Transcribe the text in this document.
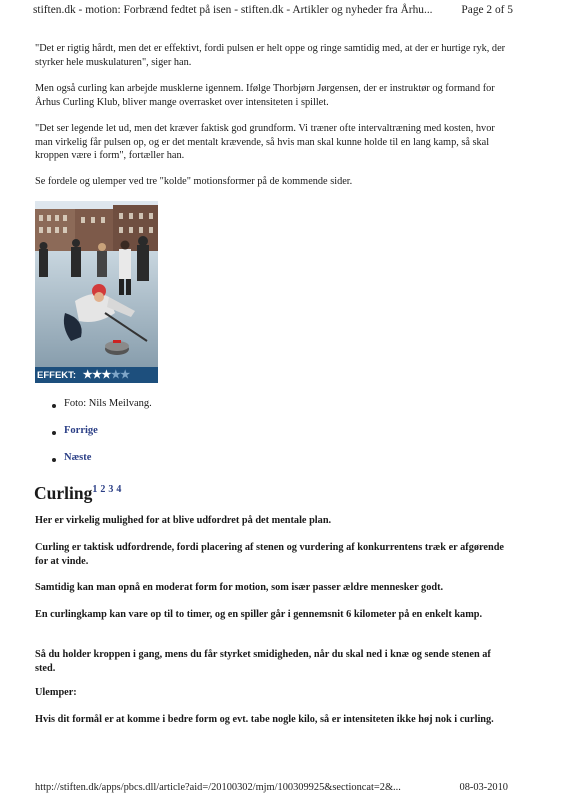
stiften.dk - motion: Forbrænd fedtet på isen - stiften.dk - Artikler og nyheder fra Århu...	Page 2 of 5

"Det er rigtig hårdt, men det er effektivt, fordi pulsen er helt oppe og ringe samtidig med, at der er hurtige ryk, der styrker hele muskulaturen", siger han.

Men også curling kan arbejde musklerne igennem. Ifølge Thorbjørn Jørgensen, der er instruktør og formand for Århus Curling Klub, bliver mange overrasket over intensiteten i spillet.

"Det ser legende let ud, men det kræver faktisk god grundform. Vi træner ofte intervaltræning med kosten, hvor man virkelig får pulsen op, og er det mentalt krævende, så hvis man skal kunne holde til en lang kamp, så skal kroppen være i form", fortæller han.

Se fordele og ulemper ved tre "kolde" motionsformer på de kommende sider.

EFFEKT: ★★★★★
Foto: Nils Meilvang.
Forrige
Næste
Curling$^{1 2 3 4}$

Her er virkelig mulighed for at blive udfordret på det mentale plan.

Curling er taktisk udfordrende, fordi placering af stenen og vurdering af konkurrentens træk er afgørende for at vinde.

Samtidig kan man opnå en moderat form for motion, som især passer ældre mennesker godt.

En curlingkamp kan vare op til to timer, og en spiller går i gennemsnit 6 kilometer på en enkelt kamp.

Så du holder kroppen i gang, mens du får styrket smidigheden, når du skal ned i knæ og sende stenen af sted.

Ulemper:

Hvis dit formål er at komme i bedre form og evt. tabe nogle kilo, så er intensiteten ikke høj nok i curling.

http://stiften.dk/apps/pbcs.dll/article?aid=/20100302/mjm/100309925&sectioncat=2&...	08-03-2010
